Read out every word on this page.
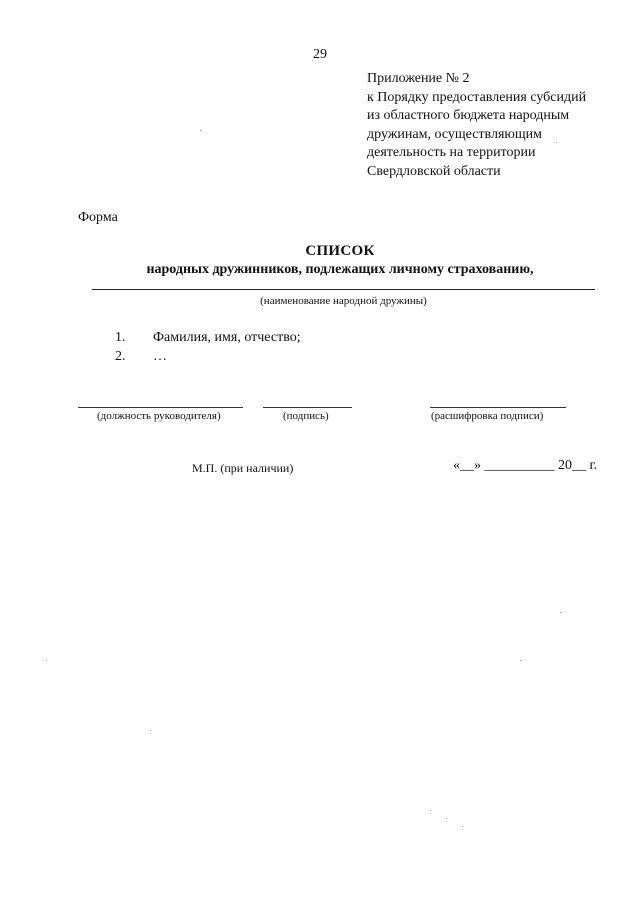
29
Приложение № 2
к Порядку предоставления субсидий
из областного бюджета народным
дружинам, осуществляющим
деятельность на территории
Свердловской области
Форма
СПИСОК
народных дружинников, подлежащих личному страхованию,
(наименование народной дружины)
1.	Фамилия, имя, отчество;
2.	…
(должность руководителя)	(подпись)	(расшифровка подписи)
М.П. (при наличии)	«__» __________ 20__ г.
